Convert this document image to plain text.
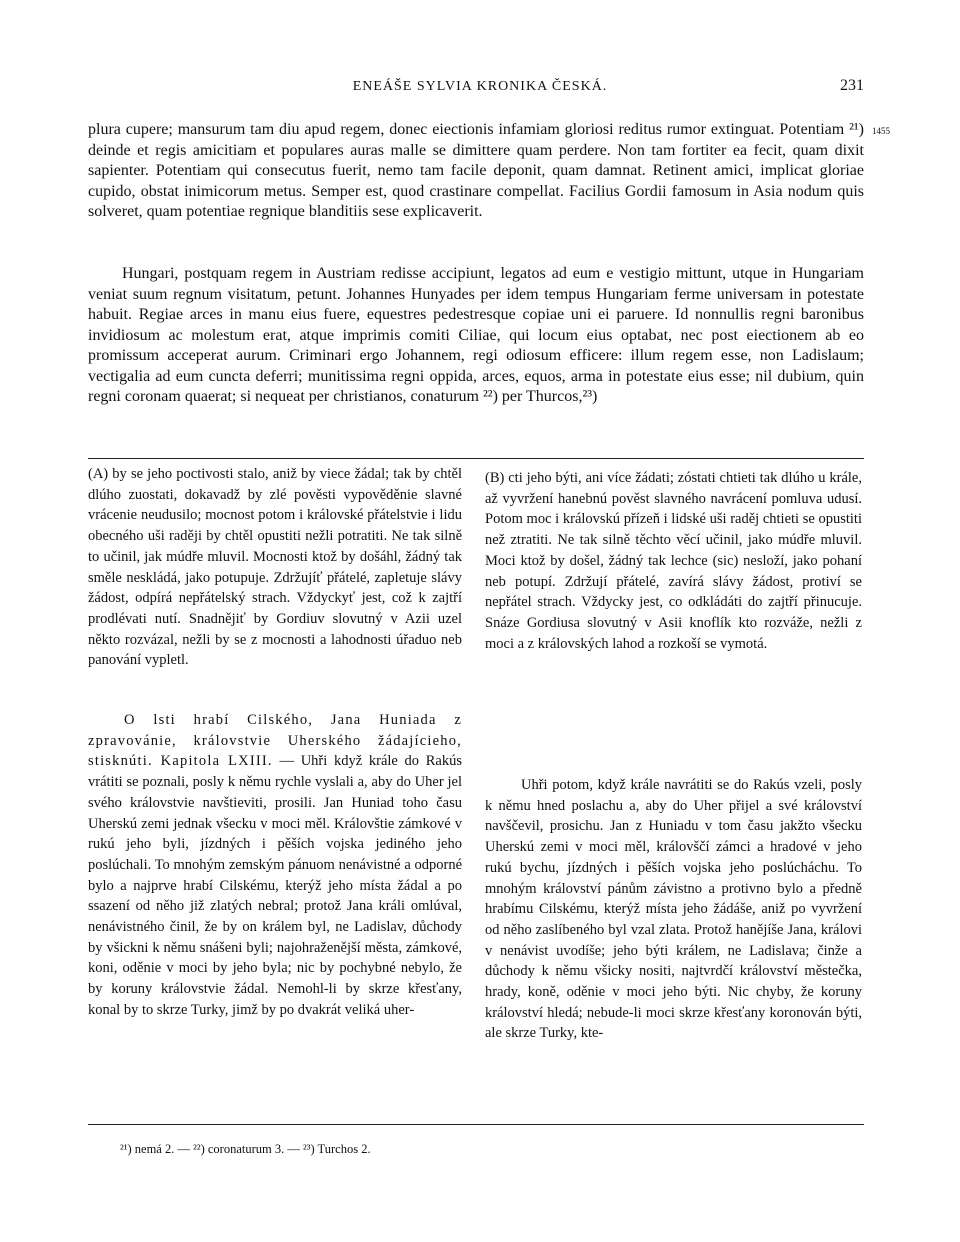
ENEÁŠE SYLVIA KRONIKA ČESKÁ.	231
1455

plura cupere; mansurum tam diu apud regem, donec eiectionis infamiam gloriosi reditus rumor extinguat. Potentiam ²¹) deinde et regis amicitiam et populares auras malle se dimittere quam perdere. Non tam fortiter ea fecit, quam dixit sapienter. Potentiam qui consecutus fuerit, nemo tam facile deponit, quam damnat. Retinent amici, implicat gloriae cupido, obstat inimicorum metus. Semper est, quod crastinare compellat. Facilius Gordii famosum in Asia nodum quis solveret, quam potentiae regnique blanditiis sese explicaverit.

Hungari, postquam regem in Austriam redisse accipiunt, legatos ad eum e vestigio mittunt, utque in Hungariam veniat suum regnum visitatum, petunt. Johannes Hunyades per idem tempus Hungariam ferme universam in potestate habuit. Regiae arces in manu eius fuere, equestres pedestresque copiae uni ei paruere. Id nonnullis regni baronibus invidiosum ac molestum erat, atque imprimis comiti Ciliae, qui locum eius optabat, nec post eiectionem ab eo promissum acceperat aurum. Criminari ergo Johannem, regi odiosum efficere: illum regem esse, non Ladislaum; vectigalia ad eum cuncta deferri; munitissima regni oppida, arces, equos, arma in potestate eius esse; nil dubium, quin regni coronam quaerat; si nequeat per christianos, conaturum ²²) per Thurcos,²³)

(A) by se jeho poctivosti stalo, aniž by viece žádal; tak by chtěl dlúho zuostati, dokavadž by zlé pověsti vypověděnie slavné vrácenie neudusilo; mocnost potom i královské přátelstvie i lidu obecného uši raději by chtěl opustiti nežli potratiti. Ne tak silně to učinil, jak múdře mluvil. Mocnosti ktož by došáhl, žádný tak směle neskládá, jako potupuje. Zdržujíť přátelé, zapletuje slávy žádost, odpírá nepřátelský strach. Vždyckyť jest, což k zajtří prodlévati nutí. Snadnějiť by Gordiuv slovutný v Azii uzel někto rozvázal, nežli by se z mocnosti a lahodnosti úřaduo neb panování vypletl.

O lsti hrabí Cilského, Jana Huniada z zpravovánie, královstvie Uherského žádajícieho, stisknúti. Kapitola LXIII. — Uhři když krále do Rakús vrátiti se poznali, posly k němu rychle vyslali a, aby do Uher jel svého královstvie navštieviti, prosili. Jan Huniad toho času Uherskú zemi jednak všecku v moci měl. Královštie zámkové v rukú jeho byli, jízdných i pěších vojska jediného jeho poslúchali. To mnohým zemským pánuom nenávistné a odporné bylo a najprve hrabí Cilskému, kterýž jeho místa žádal a po ssazení od něho již zlatých nebral; protož Jana králi omlúval, nenávistného činil, že by on králem byl, ne Ladislav, důchody by všickni k němu snášeni byli; najohraženější města, zámkové, koni, oděnie v moci by jeho byla; nic by pochybné nebylo, že by koruny královstvie žádal. Nemohl-li by skrze křesťany, konal by to skrze Turky, jimž by po dvakrát veliká uher-

(B) cti jeho býti, ani více žádati; zóstati chtieti tak dlúho u krále, až vyvržení hanebnú pověst slavného navrácení pomluva udusí. Potom moc i královskú přízeň i lidské uši raděj chtieti se opustiti než ztratiti. Ne tak silně těchto věcí učinil, jako múdře mluvil. Moci ktož by došel, žádný tak lechce (sic) nesloží, jako pohaní neb potupí. Zdržují přátelé, zavírá slávy žádost, protiví se nepřátel strach. Vždycky jest, co odkládáti do zajtří přinucuje. Snáze Gordiusa slovutný v Asii knoflík kto rozváže, nežli z moci a z královských lahod a rozkoší se vymotá.

Uhři potom, když krále navrátiti se do Rakús vzeli, posly k němu hned poslachu a, aby do Uher přijel a své království navščevil, prosichu. Jan z Huniadu v tom času jakžto všecku Uherskú zemi v moci měl, královščí zámci a hradové v jeho rukú bychu, jízdných i pěších vojska jeho poslúcháchu. To mnohým království pánům závistno a protivno bylo a předně hrabímu Cilskému, kterýž místa jeho žádáše, aniž po vyvržení od něho zaslíbeného byl vzal zlata. Protož hanějíše Jana, královi v nenávist uvodíše; jeho býti králem, ne Ladislava; činže a důchody k němu všicky nositi, najtvrdčí království městečka, hrady, koně, oděnie v moci jeho býti. Nic chyby, že koruny království hledá; nebude-li moci skrze křesťany koronován býti, ale skrze Turky, kte-

²¹) nemá 2. — ²²) coronaturum 3. — ²³) Turchos 2.
